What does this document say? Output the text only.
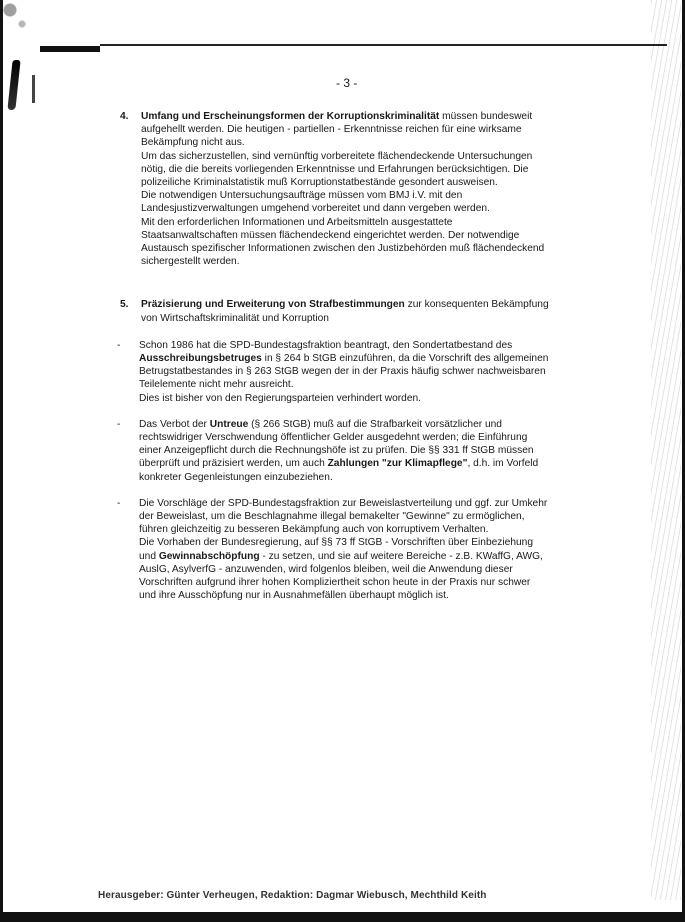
- 3 -
4.	Umfang und Erscheinungsformen der Korruptionskriminalität müssen bundesweit aufgehellt werden. Die heutigen - partiellen - Erkenntnisse reichen für eine wirksame Bekämpfung nicht aus.

Um das sicherzustellen, sind vernünftig vorbereitete flächendeckende Untersuchungen nötig, die die bereits vorliegenden Erkenntnisse und Erfahrungen berücksichtigen. Die polizeiliche Kriminalstatistik muß Korruptionstatbestände gesondert ausweisen.

Die notwendigen Untersuchungsaufträge müssen vom BMJ i.V. mit den Landesjustizverwaltungen umgehend vorbereitet und dann vergeben werden.

Mit den erforderlichen Informationen und Arbeitsmitteln ausgestattete Staatsanwaltschaften müssen flächendeckend eingerichtet werden. Der notwendige Austausch spezifischer Informationen zwischen den Justizbehörden muß flächendeckend sichergestellt werden.

5.	Präzisierung und Erweiterung von Strafbestimmungen zur konsequenten Bekämpfung von Wirtschaftskriminalität und Korruption

-	Schon 1986 hat die SPD-Bundestagsfraktion beantragt, den Sondertatbestand des Ausschreibungsbetruges in § 264 b StGB einzuführen, da die Vorschrift des allgemeinen Betrugstatbestandes in § 263 StGB wegen der in der Praxis häufig schwer nachweisbaren Teilelemente nicht mehr ausreicht.

Dies ist bisher von den Regierungsparteien verhindert worden.

-	Das Verbot der Untreue (§ 266 StGB) muß auf die Strafbarkeit vorsätzlicher und rechtswidriger Verschwendung öffentlicher Gelder ausgedehnt werden; die Einführung einer Anzeigepflicht durch die Rechnungshöfe ist zu prüfen. Die §§ 331 ff StGB müssen überprüft und präzisiert werden, um auch Zahlungen "zur Klimapflege", d.h. im Vorfeld konkreter Gegenleistungen einzubeziehen.

-	Die Vorschläge der SPD-Bundestagsfraktion zur Beweislastverteilung und ggf. zur Umkehr der Beweislast, um die Beschlagnahme illegal bemakelter "Gewinne" zu ermöglichen, führen gleichzeitig zu besseren Bekämpfung auch von korruptivem Verhalten.

Die Vorhaben der Bundesregierung, auf §§ 73 ff StGB - Vorschriften über Einbeziehung und Gewinnabschöpfung - zu setzen, und sie auf weitere Bereiche - z.B. KWaffG, AWG, AuslG, AsylverfG - anzuwenden, wird folgenlos bleiben, weil die Anwendung dieser Vorschriften aufgrund ihrer hohen Kompliziertheit schon heute in der Praxis nur schwer und ihre Ausschöpfung nur in Ausnahmefällen überhaupt möglich ist.

Herausgeber: Günter Verheugen, Redaktion: Dagmar Wiebusch, Mechthild Keith
